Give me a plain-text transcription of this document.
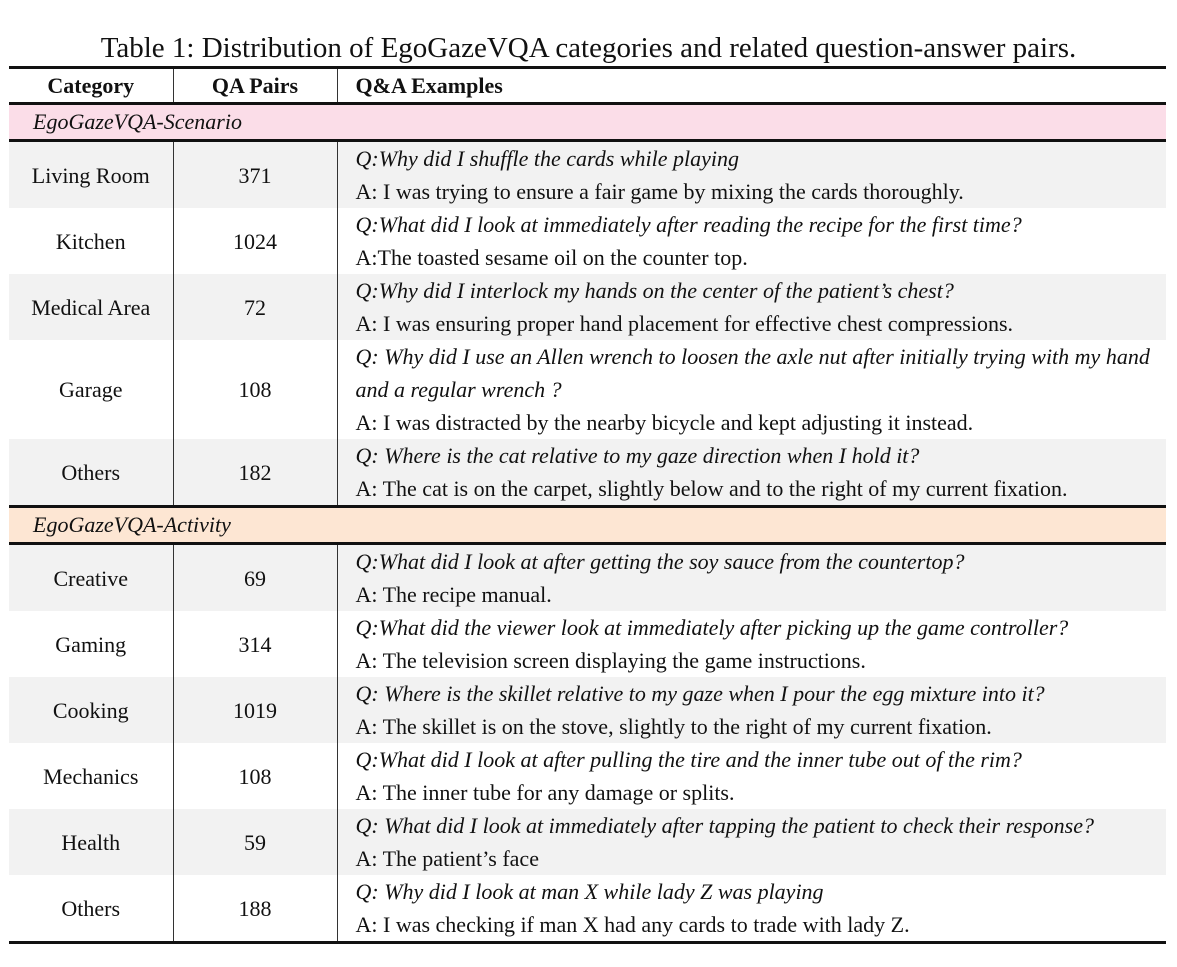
Table 1: Distribution of EgoGazeVQA categories and related question-answer pairs.
Category	QA Pairs	Q&A Examples
EgoGazeVQA-Scenario		
Living Room	371	Q:Why did I shuffle the cards while playing
A: I was trying to ensure a fair game by mixing the cards thoroughly.

Kitchen	1024	Q:What did I look at immediately after reading the recipe for the first time?
A:The toasted sesame oil on the counter top.

Medical Area	72	Q:Why did I interlock my hands on the center of the patient’s chest?
A: I was ensuring proper hand placement for effective chest compressions.

Garage	108	Q: Why did I use an Allen wrench to loosen the axle nut after initially trying with my hand and a regular wrench ?
A: I was distracted by the nearby bicycle and kept adjusting it instead.

Others	182	Q: Where is the cat relative to my gaze direction when I hold it?
A: The cat is on the carpet, slightly below and to the right of my current fixation.

EgoGazeVQA-Activity		
Creative	69	Q:What did I look at after getting the soy sauce from the countertop?
A: The recipe manual.

Gaming	314	Q:What did the viewer look at immediately after picking up the game controller?
A: The television screen displaying the game instructions.

Cooking	1019	Q: Where is the skillet relative to my gaze when I pour the egg mixture into it?
A: The skillet is on the stove, slightly to the right of my current fixation.

Mechanics	108	Q:What did I look at after pulling the tire and the inner tube out of the rim?
A: The inner tube for any damage or splits.

Health	59	Q: What did I look at immediately after tapping the patient to check their response?
A: The patient’s face

Others	188	Q: Why did I look at man X while lady Z was playing
A: I was checking if man X had any cards to trade with lady Z.
